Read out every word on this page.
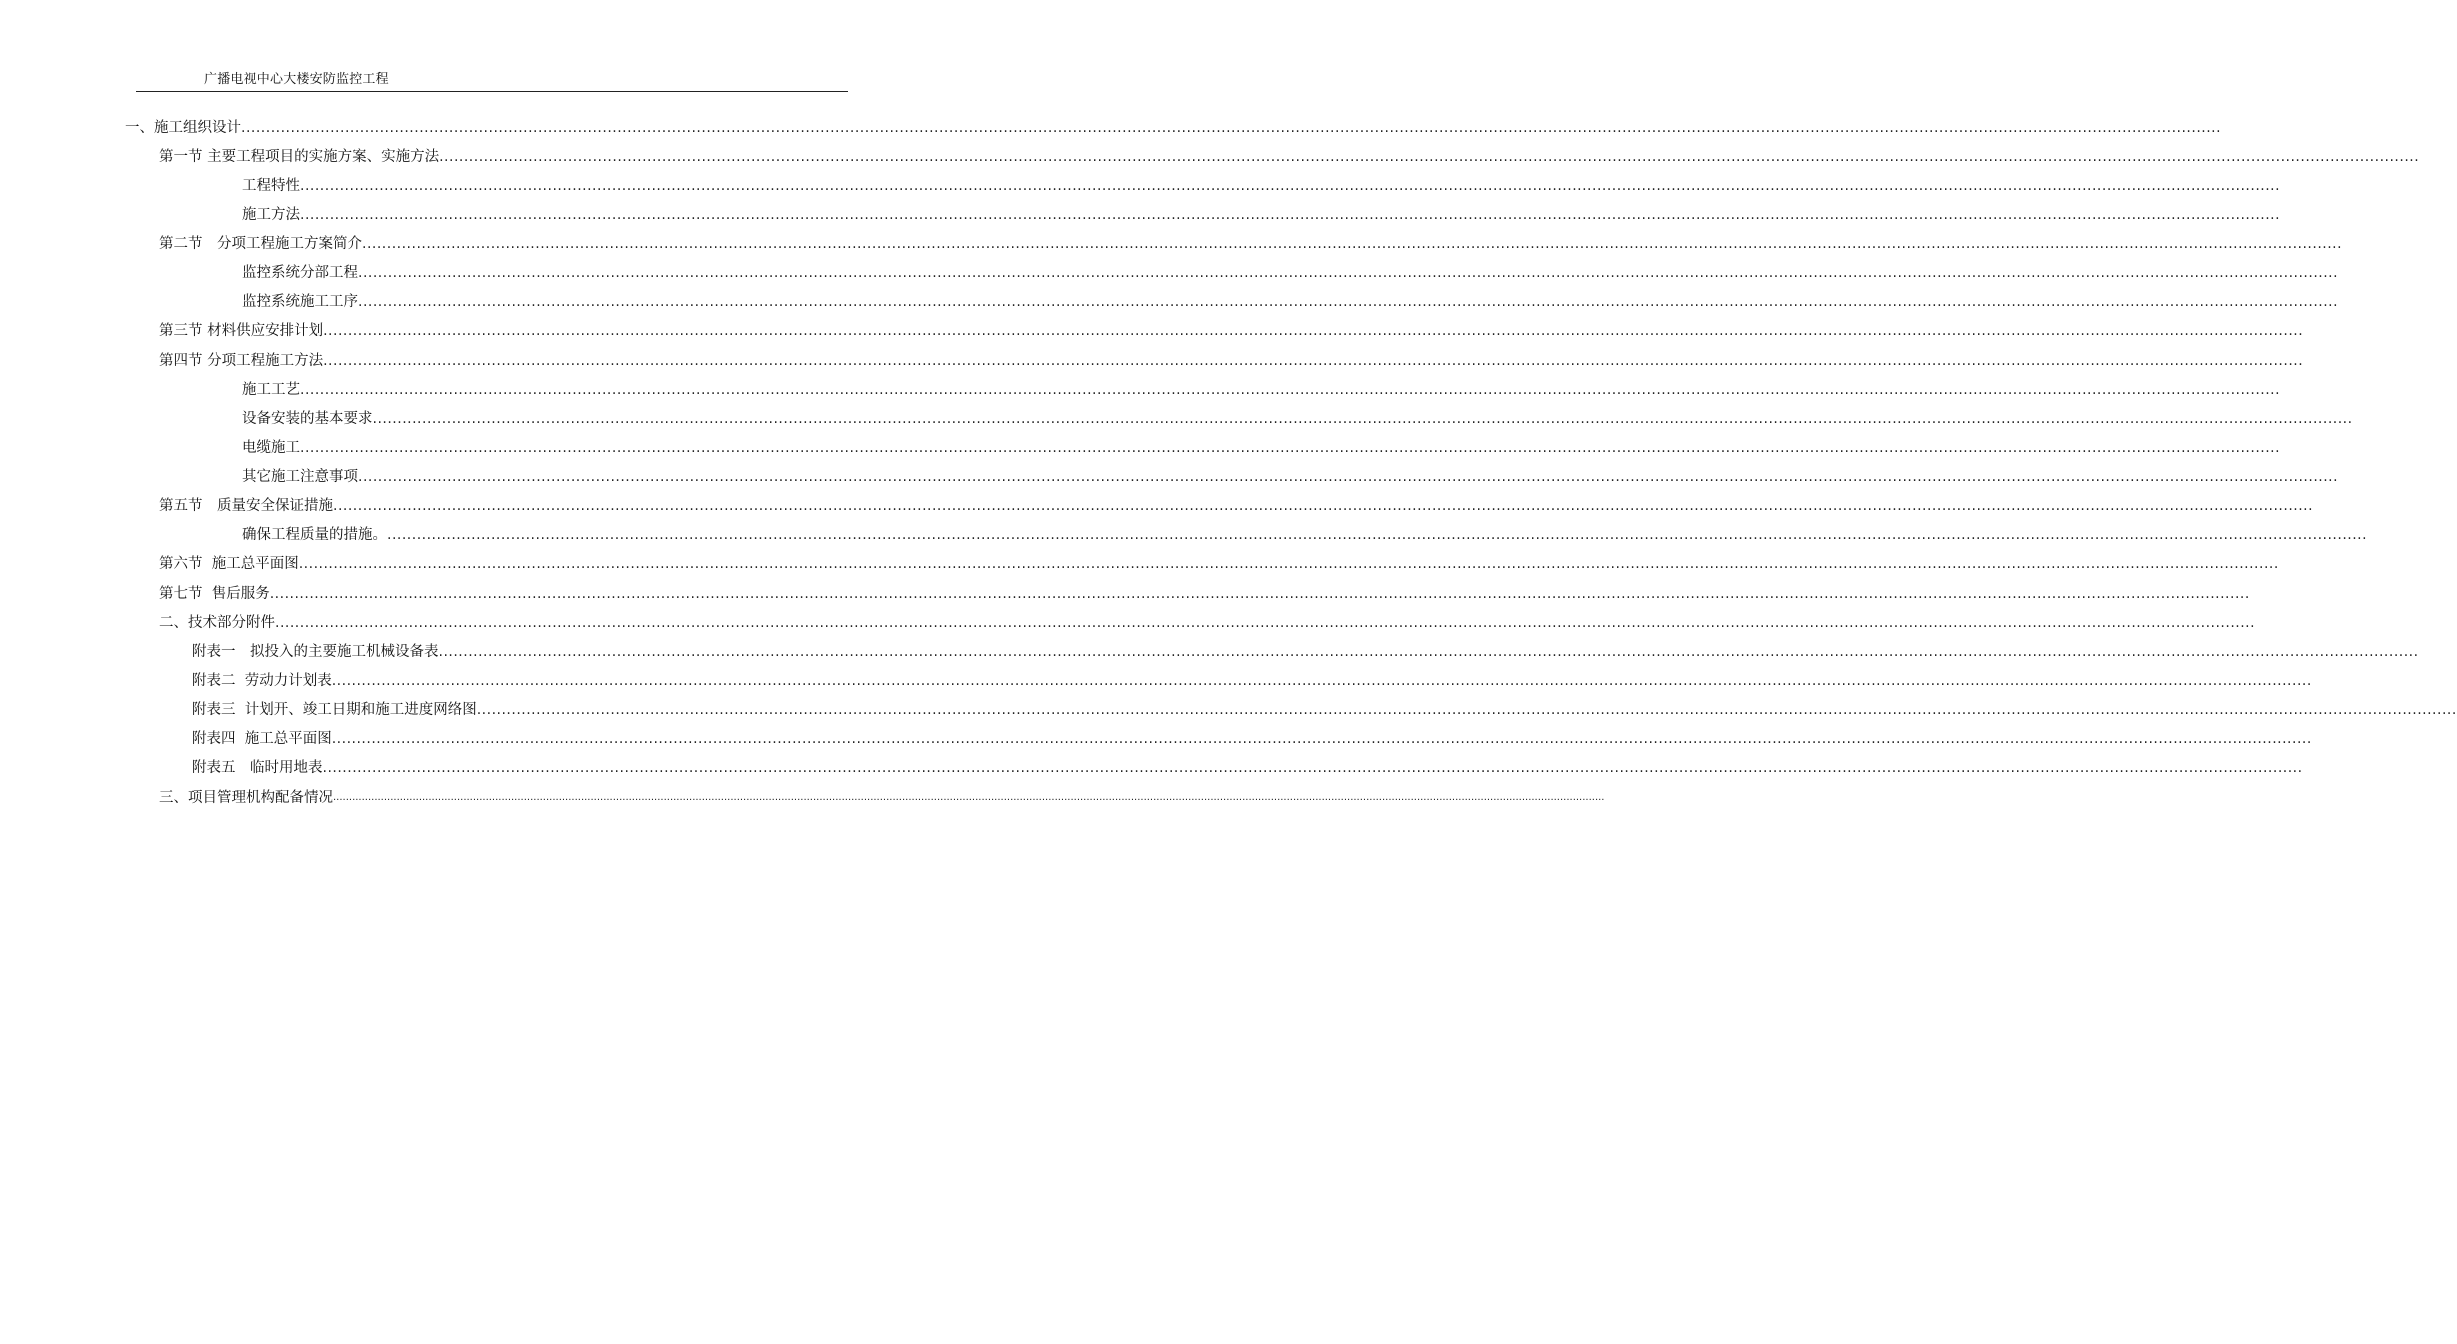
广播电视中心大楼安防监控工程
一、施工组织设计 ................................................................................................................................................................................................................................................................................................................................................................................................................
第一节 主要工程项目的实施方案、实施方法 ................................................................................................................................................................................................................................................................................................................................................................................................................
工程特性 ................................................................................................................................................................................................................................................................................................................................................................................................................
施工方法 ................................................................................................................................................................................................................................................................................................................................................................................................................
第二节　分项工程施工方案简介 ................................................................................................................................................................................................................................................................................................................................................................................................................
监控系统分部工程 ................................................................................................................................................................................................................................................................................................................................................................................................................
监控系统施工工序 ................................................................................................................................................................................................................................................................................................................................................................................................................
第三节 材料供应安排计划 ................................................................................................................................................................................................................................................................................................................................................................................................................
第四节 分项工程施工方法 ................................................................................................................................................................................................................................................................................................................................................................................................................
施工工艺 ................................................................................................................................................................................................................................................................................................................................................................................................................
设备安装的基本要求 ................................................................................................................................................................................................................................................................................................................................................................................................................
电缆施工 ................................................................................................................................................................................................................................................................................................................................................................................................................
其它施工注意事项 ................................................................................................................................................................................................................................................................................................................................................................................................................
第五节　质量安全保证措施 ................................................................................................................................................................................................................................................................................................................................................................................................................
确保工程质量的措施。 ................................................................................................................................................................................................................................................................................................................................................................................................................
第六节  施工总平面图 ................................................................................................................................................................................................................................................................................................................................................................................................................
第七节  售后服务 ................................................................................................................................................................................................................................................................................................................................................................................................................
二、技术部分附件 ................................................................................................................................................................................................................................................................................................................................................................................................................
附表一　拟投入的主要施工机械设备表 ................................................................................................................................................................................................................................................................................................................................................................................................................
附表二  劳动力计划表 ................................................................................................................................................................................................................................................................................................................................................................................................................
附表三  计划开、竣工日期和施工进度网络图 ................................................................................................................................................................................................................................................................................................................................................................................................................
附表四  施工总平面图 ................................................................................................................................................................................................................................................................................................................................................................................................................
附表五　临时用地表 ................................................................................................................................................................................................................................................................................................................................................................................................................
三、项目管理机构配备情况 ................................................................................................................................................................................................................................................................................................................................................................................................................
